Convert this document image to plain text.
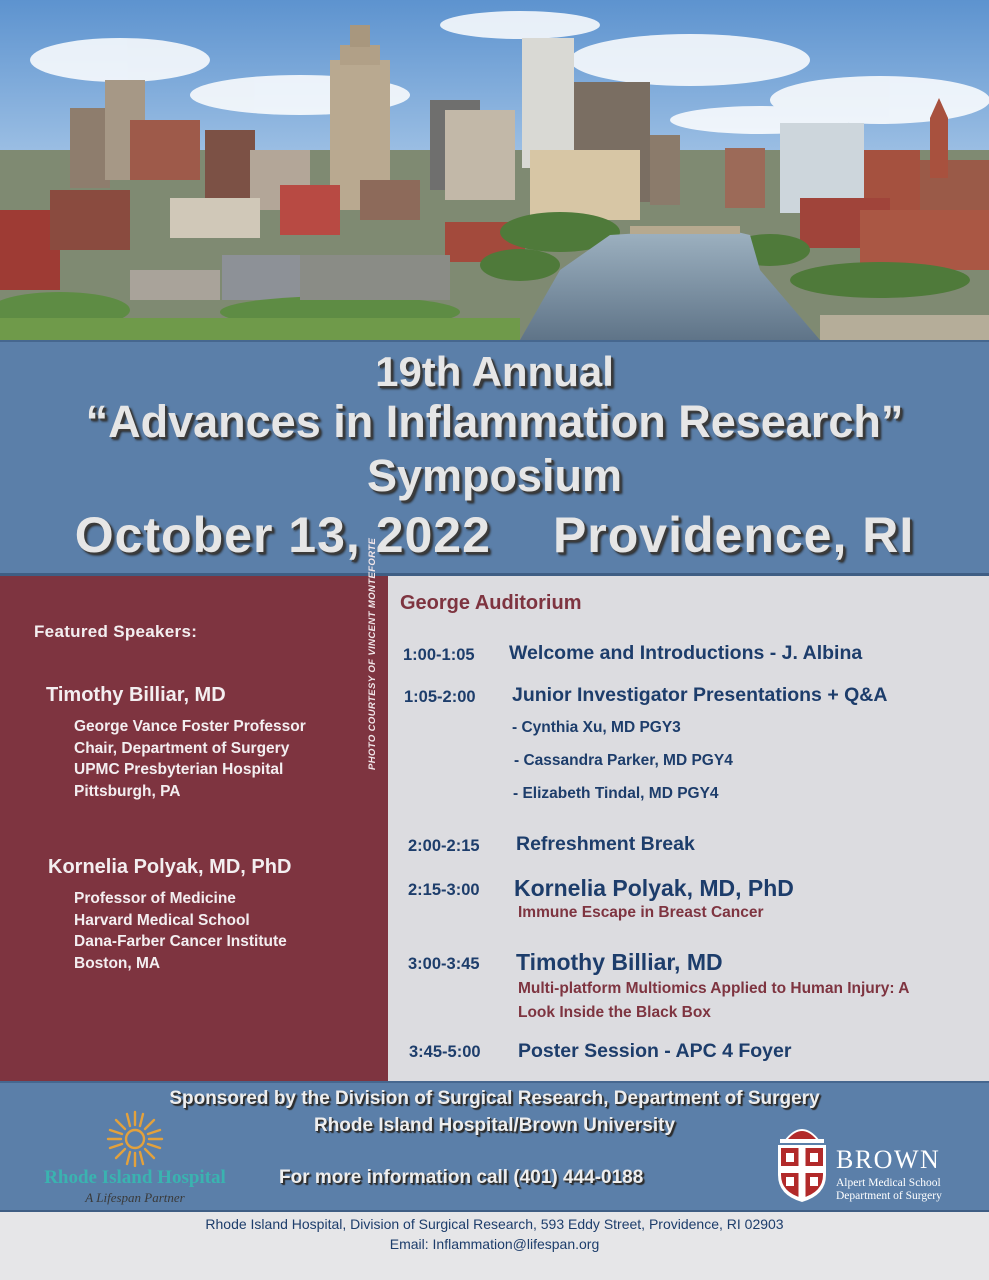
19th Annual
“Advances in Inflammation Research”
Symposium
October 13, 2022 Providence, RI
Featured Speakers:
Timothy Billiar, MD
George Vance Foster Professor
Chair, Department of Surgery
UPMC Presbyterian Hospital
Pittsburgh, PA
Kornelia Polyak, MD, PhD
Professor of Medicine
Harvard Medical School
Dana-Farber Cancer Institute
Boston, MA
PHOTO COURTESY OF VINCENT MONTEFORTE George Auditorium
1:00-1:05 Welcome and Introductions - J. Albina
1:05-2:00 Junior Investigator Presentations + Q&A
- Cynthia Xu, MD PGY3
- Cassandra Parker, MD PGY4
- Elizabeth Tindal, MD PGY4
2:00-2:15 Refreshment Break
2:15-3:00 Kornelia Polyak, MD, PhD
Immune Escape in Breast Cancer
3:00-3:45 Timothy Billiar, MD
Multi-platform Multiomics Applied to Human Injury: A
Look Inside the Black Box
3:45-5:00 Poster Session - APC 4 Foyer
Sponsored by the Division of Surgical Research, Department of Surgery
Rhode Island Hospital/Brown University
For more information call (401) 444-0188
Rhode Island Hospital
A Lifespan Partner
BROWN
Alpert Medical School
Department of Surgery
Rhode Island Hospital, Division of Surgical Research, 593 Eddy Street, Providence, RI 02903
Email: Inflammation@lifespan.org
